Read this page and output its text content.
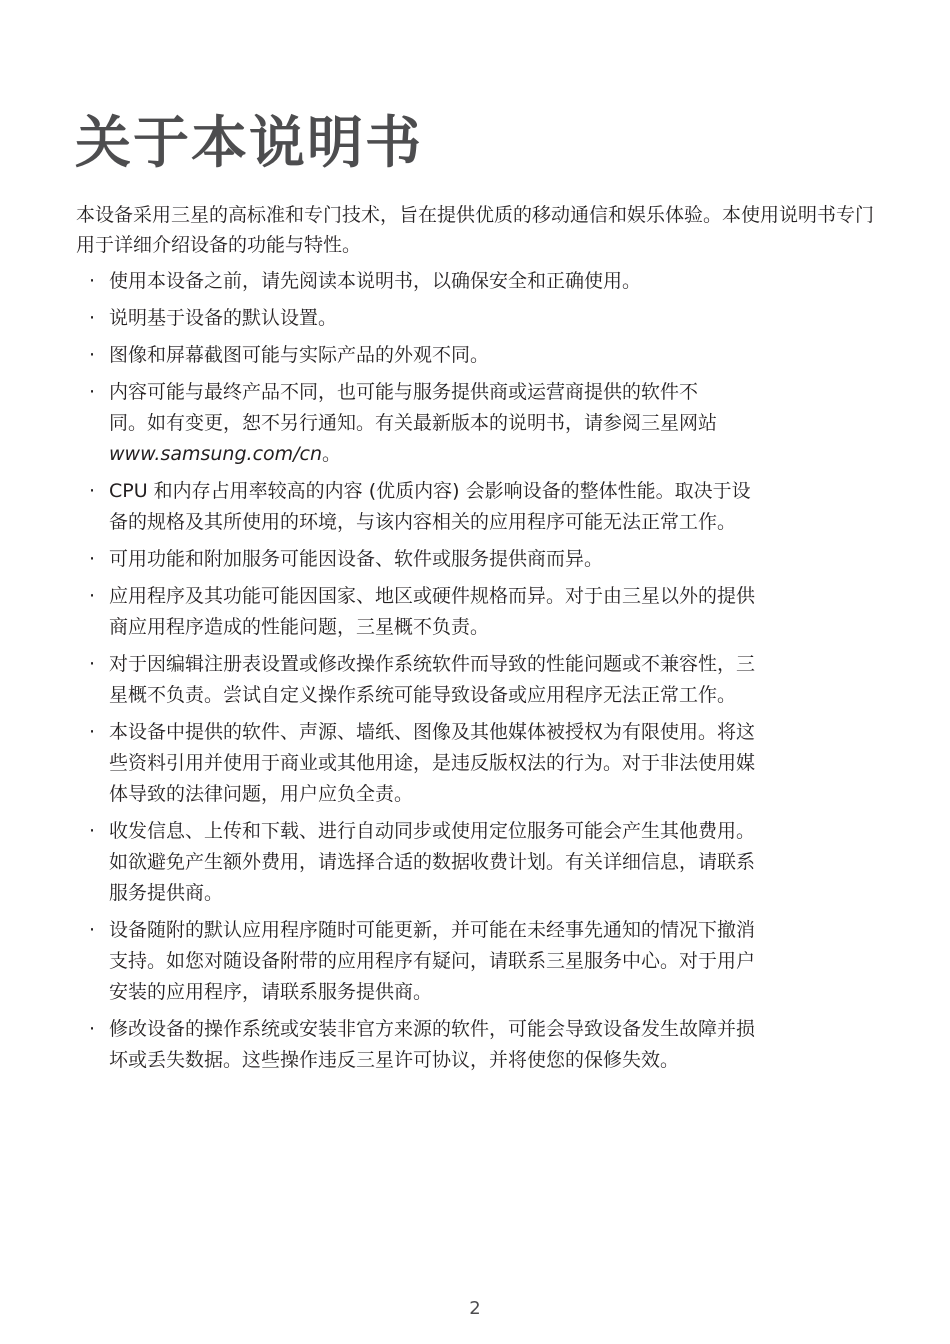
关于本说明书

本设备采用三星的高标准和专门技术，旨在提供优质的移动通信和娱乐体验。本使用说明书专门用于详细介绍设备的功能与特性。

· 使用本设备之前，请先阅读本说明书，以确保安全和正确使用。
· 说明基于设备的默认设置。
· 图像和屏幕截图可能与实际产品的外观不同。
· 内容可能与最终产品不同，也可能与服务提供商或运营商提供的软件不
同。如有变更，恕不另行通知。有关最新版本的说明书，请参阅三星网站
www.samsung.com/cn。
· CPU 和内存占用率较高的内容 (优质内容) 会影响设备的整体性能。取决于设
备的规格及其所使用的环境，与该内容相关的应用程序可能无法正常工作。
· 可用功能和附加服务可能因设备、软件或服务提供商而异。
· 应用程序及其功能可能因国家、地区或硬件规格而异。对于由三星以外的提供
商应用程序造成的性能问题，三星概不负责。
· 对于因编辑注册表设置或修改操作系统软件而导致的性能问题或不兼容性，三
星概不负责。尝试自定义操作系统可能导致设备或应用程序无法正常工作。
· 本设备中提供的软件、声源、墙纸、图像及其他媒体被授权为有限使用。将这
些资料引用并使用于商业或其他用途，是违反版权法的行为。对于非法使用媒
体导致的法律问题，用户应负全责。
· 收发信息、上传和下载、进行自动同步或使用定位服务可能会产生其他费用。
如欲避免产生额外费用，请选择合适的数据收费计划。有关详细信息，请联系
服务提供商。
· 设备随附的默认应用程序随时可能更新，并可能在未经事先通知的情况下撤消
支持。如您对随设备附带的应用程序有疑问，请联系三星服务中心。对于用户
安装的应用程序，请联系服务提供商。
· 修改设备的操作系统或安装非官方来源的软件，可能会导致设备发生故障并损
坏或丢失数据。这些操作违反三星许可协议，并将使您的保修失效。
2
